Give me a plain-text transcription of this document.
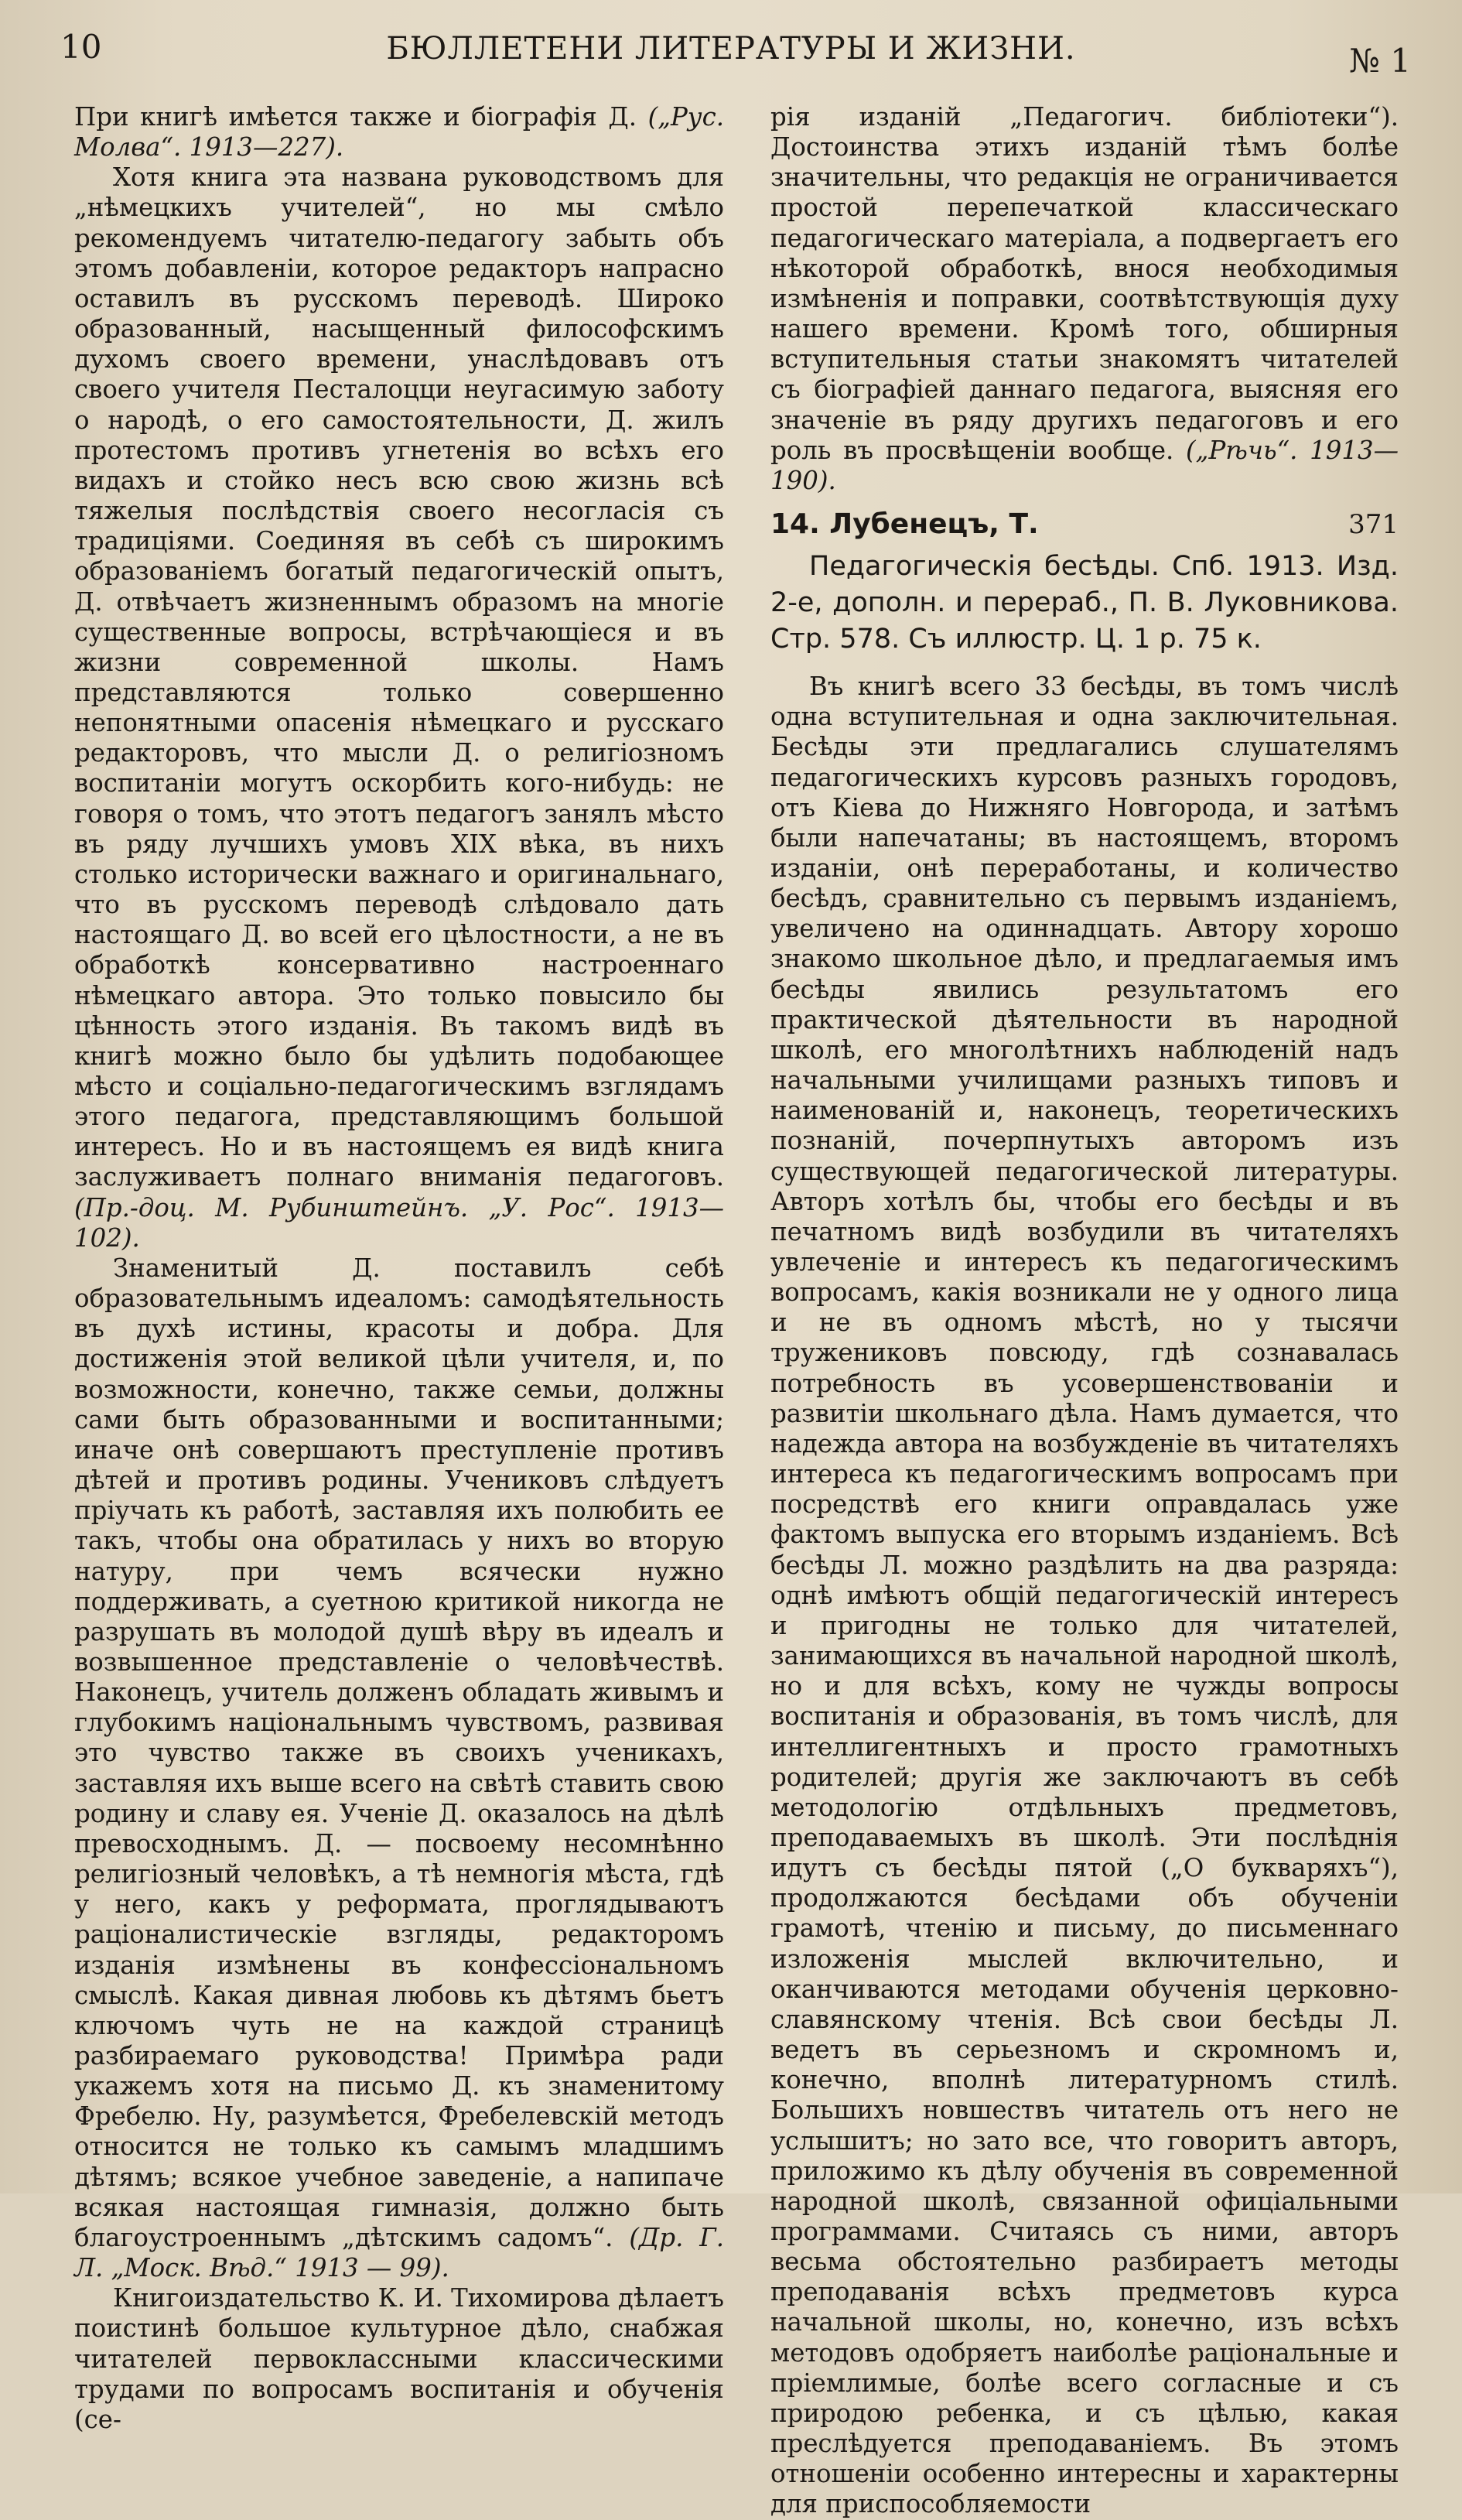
10	БЮЛЛЕТЕНИ ЛИТЕРАТУРЫ И ЖИЗНИ.	№ 1

При книгѣ имѣется также и біографія Д. („Рус. Молва“. 1913—227).

Хотя книга эта названа руководствомъ для „нѣмецкихъ учителей“, но мы смѣло рекомендуемъ читателю-педагогу забыть объ этомъ добавленіи, которое редакторъ напрасно оставилъ въ русскомъ переводѣ. Широко образованный, насыщенный философскимъ духомъ своего времени, унаслѣдовавъ отъ своего учителя Песталоцци неугасимую заботу о народѣ, о его самостоятельности, Д. жилъ протестомъ противъ угнетенія во всѣхъ его видахъ и стойко несъ всю свою жизнь всѣ тяжелыя послѣдствія своего несогласія съ традиціями. Соединяя въ себѣ съ широкимъ образованіемъ богатый педагогическій опытъ, Д. отвѣчаетъ жизненнымъ образомъ на многіе существенные вопросы, встрѣчающіеся и въ жизни современной школы. Намъ представляются только совершенно непонятными опасенія нѣмецкаго и русскаго редакторовъ, что мысли Д. о религіозномъ воспитаніи могутъ оскорбить кого-нибудь: не говоря о томъ, что этотъ педагогъ занялъ мѣсто въ ряду лучшихъ умовъ XIX вѣка, въ нихъ столько исторически важнаго и оригинальнаго, что въ русскомъ переводѣ слѣдовало дать настоящаго Д. во всей его цѣлостности, а не въ обработкѣ консервативно настроеннаго нѣмецкаго автора. Это только повысило бы цѣнность этого изданія. Въ такомъ видѣ въ книгѣ можно было бы удѣлить подобающее мѣсто и соціально-педагогическимъ взглядамъ этого педагога, представляющимъ большой интересъ. Но и въ настоящемъ ея видѣ книга заслуживаетъ полнаго вниманія педагоговъ. (Пр.-доц. М. Рубинштейнъ. „У. Рос“. 1913—102).

Знаменитый Д. поставилъ себѣ образовательнымъ идеаломъ: самодѣятельность въ духѣ истины, красоты и добра. Для достиженія этой великой цѣли учителя, и, по возможности, конечно, также семьи, должны сами быть образованными и воспитанными; иначе онѣ совершаютъ преступленіе противъ дѣтей и противъ родины. Учениковъ слѣдуетъ пріучать къ работѣ, заставляя ихъ полюбить ее такъ, чтобы она обратилась у нихъ во вторую натуру, при чемъ всячески нужно поддерживать, а суетною критикой никогда не разрушать въ молодой душѣ вѣру въ идеалъ и возвышенное представленіе о человѣчествѣ. Наконецъ, учитель долженъ обладать живымъ и глубокимъ національнымъ чувствомъ, развивая это чувство также въ своихъ ученикахъ, заставляя ихъ выше всего на свѣтѣ ставить свою родину и славу ея. Ученіе Д. оказалось на дѣлѣ превосходнымъ. Д. — посвоему несомнѣнно религіозный человѣкъ, а тѣ немногія мѣста, гдѣ у него, какъ у реформата, проглядываютъ раціоналистическіе взгляды, редакторомъ изданія измѣнены въ конфессіональномъ смыслѣ. Какая дивная любовь къ дѣтямъ бьетъ ключомъ чуть не на каждой страницѣ разбираемаго руководства! Примѣра ради укажемъ хотя на письмо Д. къ знаменитому Фребелю. Ну, разумѣется, Фребелевскій методъ относится не только къ самымъ младшимъ дѣтямъ; всякое учебное заведеніе, а напипаче всякая настоящая гимназія, должно быть благоустроеннымъ „дѣтскимъ садомъ“. (Др. Г. Л. „Моск. Вѣд.“ 1913 — 99).

Книгоиздательство К. И. Тихомирова дѣлаетъ поистинѣ большое культурное дѣло, снабжая читателей первоклассными классическими трудами по вопросамъ воспитанія и обученія (се-

рія изданій „Педагогич. библіотеки“). Достоинства этихъ изданій тѣмъ болѣе значительны, что редакція не ограничивается простой перепечаткой классическаго педагогическаго матеріала, а подвергаетъ его нѣкоторой обработкѣ, внося необходимыя измѣненія и поправки, соотвѣтствующія духу нашего времени. Кромѣ того, обширныя вступительныя статьи знакомятъ читателей съ біографіей даннаго педагога, выясняя его значеніе въ ряду другихъ педагоговъ и его роль въ просвѣщеніи вообще. („Рѣчь“. 1913—190).

14. Лубенецъ, Т.	371
Педагогическія бесѣды. Спб. 1913. Изд. 2-е, дополн. и перераб., П. В. Луковникова. Стр. 578. Съ иллюстр. Ц. 1 р. 75 к.

Въ книгѣ всего 33 бесѣды, въ томъ числѣ одна вступительная и одна заключительная. Бесѣды эти предлагались слушателямъ педагогическихъ курсовъ разныхъ городовъ, отъ Кіева до Нижняго Новгорода, и затѣмъ были напечатаны; въ настоящемъ, второмъ изданіи, онѣ переработаны, и количество бесѣдъ, сравнительно съ первымъ изданіемъ, увеличено на одиннадцать. Автору хорошо знакомо школьное дѣло, и предлагаемыя имъ бесѣды явились результатомъ его практической дѣятельности въ народной школѣ, его многолѣтнихъ наблюденій надъ начальными училищами разныхъ типовъ и наименованій и, наконецъ, теоретическихъ познаній, почерпнутыхъ авторомъ изъ существующей педагогической литературы. Авторъ хотѣлъ бы, чтобы его бесѣды и въ печатномъ видѣ возбудили въ читателяхъ увлеченіе и интересъ къ педагогическимъ вопросамъ, какія возникали не у одного лица и не въ одномъ мѣстѣ, но у тысячи тружениковъ повсюду, гдѣ сознавалась потребность въ усовершенствованіи и развитіи школьнаго дѣла. Намъ думается, что надежда автора на возбужденіе въ читателяхъ интереса къ педагогическимъ вопросамъ при посредствѣ его книги оправдалась уже фактомъ выпуска его вторымъ изданіемъ. Всѣ бесѣды Л. можно раздѣлить на два разряда: однѣ имѣютъ общій педагогическій интересъ и пригодны не только для читателей, занимающихся въ начальной народной школѣ, но и для всѣхъ, кому не чужды вопросы воспитанія и образованія, въ томъ числѣ, для интеллигентныхъ и просто грамотныхъ родителей; другія же заключаютъ въ себѣ методологію отдѣльныхъ предметовъ, преподаваемыхъ въ школѣ. Эти послѣднія идутъ съ бесѣды пятой („О букваряхъ“), продолжаются бесѣдами объ обученіи грамотѣ, чтенію и письму, до письменнаго изложенія мыслей включительно, и оканчиваются методами обученія церковно-славянскому чтенія. Всѣ свои бесѣды Л. ведетъ въ серьезномъ и скромномъ и, конечно, вполнѣ литературномъ стилѣ. Большихъ новшествъ читатель отъ него не услышитъ; но зато все, что говоритъ авторъ, приложимо къ дѣлу обученія въ современной народной школѣ, связанной офиціальными программами. Считаясь съ ними, авторъ весьма обстоятельно разбираетъ методы преподаванія всѣхъ предметовъ курса начальной школы, но, конечно, изъ всѣхъ методовъ одобряетъ наиболѣе раціональные и пріемлимые, болѣе всего согласные и съ природою ребенка, и съ цѣлью, какая преслѣдуется преподаваніемъ. Въ этомъ отношеніи особенно интересны и характерны для приспособляемости
